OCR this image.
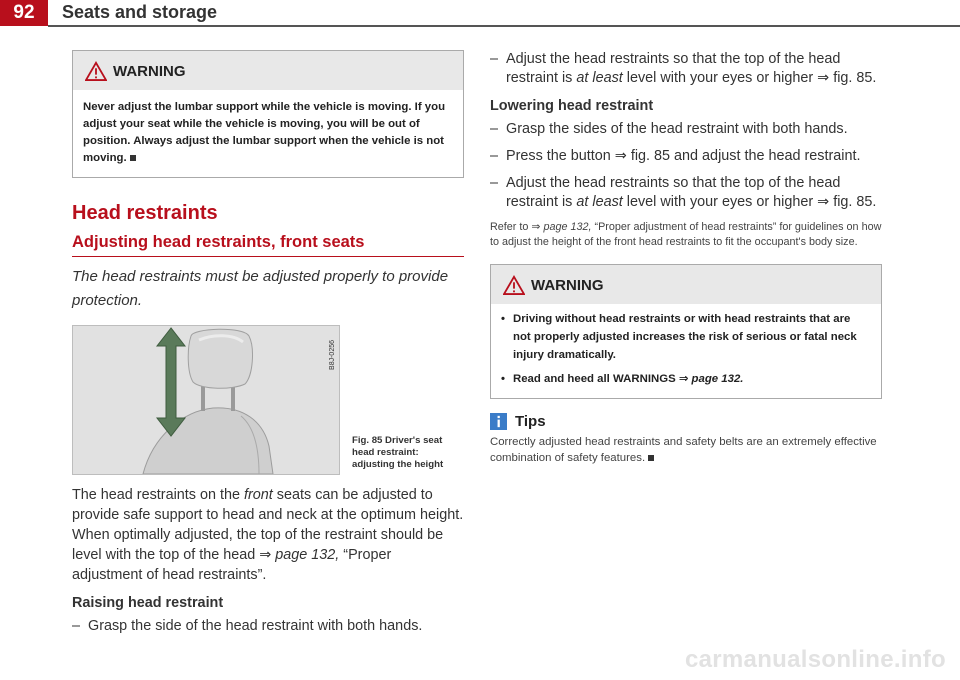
92	Seats and storage
WARNING
Never adjust the lumbar support while the vehicle is moving. If you adjust your seat while the vehicle is moving, you will be out of position. Always adjust the lumbar support when the vehicle is not moving.
Head restraints
Adjusting head restraints, front seats
The head restraints must be adjusted properly to provide protection.
B8J-0256
Fig. 85 Driver's seat
head restraint:
adjusting the height

The head restraints on the front seats can be adjusted to provide safe support to head and neck at the optimum height. When optimally adjusted, the top of the restraint should be level with the top of the head ⇒ page 132, “Proper adjustment of head restraints”.

Raising head restraint
– Grasp the side of the head restraint with both hands.
– Adjust the head restraints so that the top of the head restraint is at least level with your eyes or higher ⇒ fig. 85.
Lowering head restraint
– Grasp the sides of the head restraint with both hands.
– Press the button ⇒ fig. 85 and adjust the head restraint.
– Adjust the head restraints so that the top of the head restraint is at least level with your eyes or higher ⇒ fig. 85.

Refer to ⇒ page 132, “Proper adjustment of head restraints” for guidelines on how to adjust the height of the front head restraints to fit the occupant's body size.

WARNING
• Driving without head restraints or with head restraints that are not properly adjusted increases the risk of serious or fatal neck injury dramatically.
• Read and heed all WARNINGS ⇒ page 132.
Tips
Correctly adjusted head restraints and safety belts are an extremely effective combination of safety features.
carmanualsonline.info
